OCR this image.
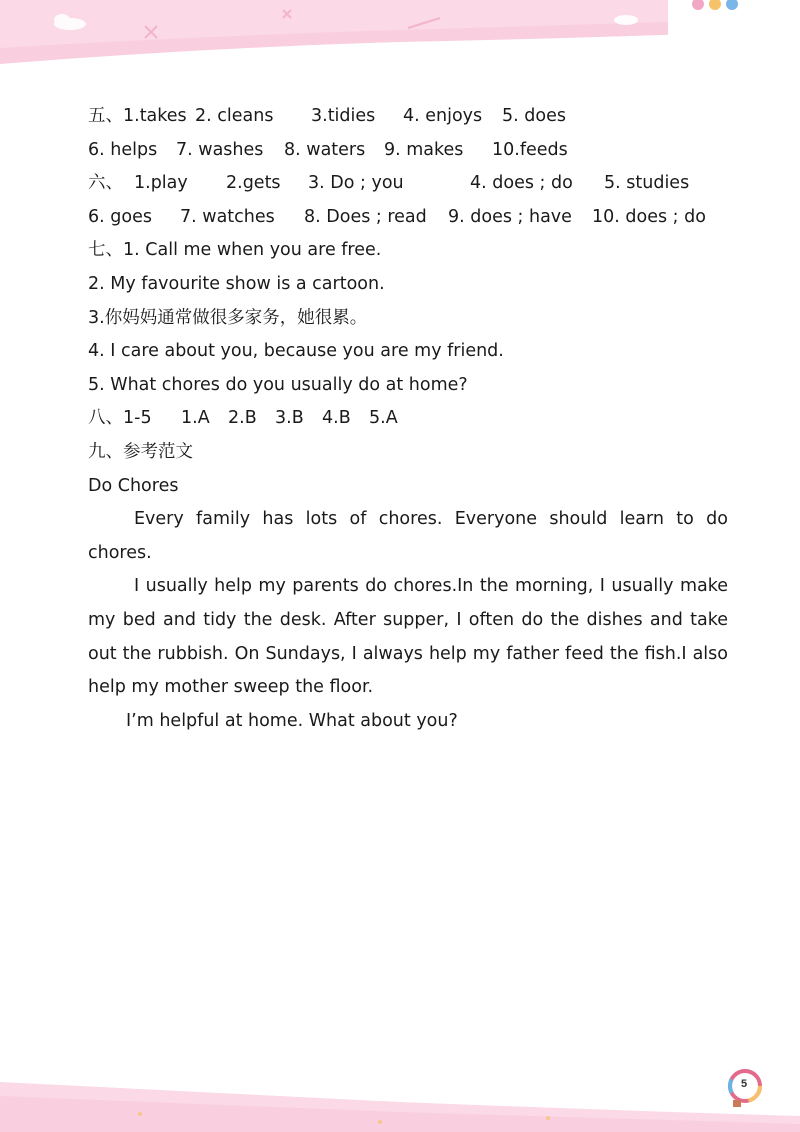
五、1.takes 2. cleans 3.tidies 4. enjoys 5. does
6. helps 7. washes 8. waters 9. makes 10.feeds
六、 1.play 2.gets 3. Do ; you	4. does ; do 5. studies
6. goes 7. watches 8. Does ; read 9. does ; have 10. does ; do
七、1. Call me when you are free.
2. My favourite show is a cartoon.
3.你妈妈通常做很多家务，她很累。
4. I care about you, because you are my friend.
5. What chores do you usually do at home?
八、1-5 1.A 2.B 3.B 4.B 5.A
九、参考范文
Do Chores

Every family has lots of chores. Everyone should learn to do chores.

I usually help my parents do chores.In the morning, I usually make my bed and tidy the desk. After supper, I often do the dishes and take out the rubbish. On Sundays, I always help my father feed the fish.I also help my mother sweep the floor.

I’m helpful at home. What about you?

5
